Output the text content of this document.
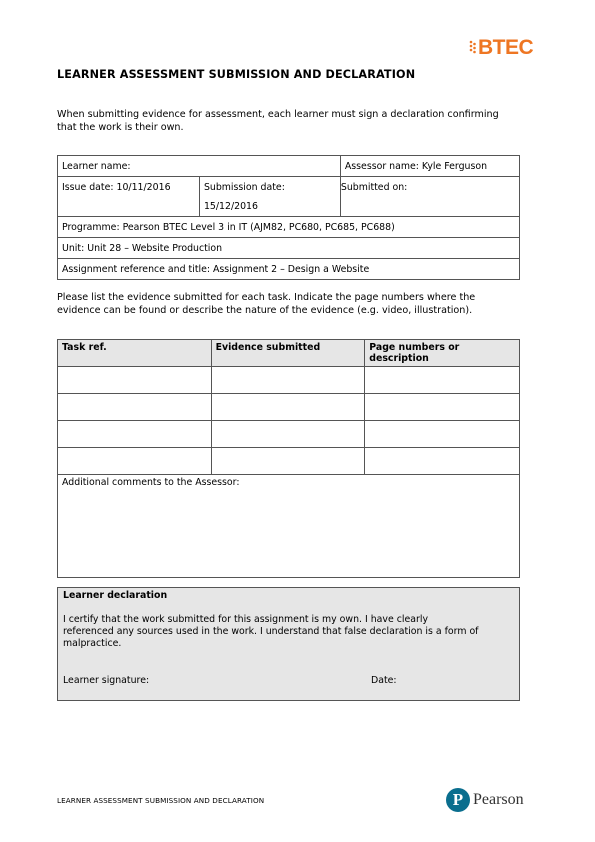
BTEC
LEARNER ASSESSMENT SUBMISSION AND DECLARATION
When submitting evidence for assessment, each learner must sign a declaration confirming
that the work is their own.
Learner name:		Assessor name: Kyle Ferguson
Issue date: 10/11/2016	Submission date: 15/12/2016	Submitted on:
Programme: Pearson BTEC Level 3 in IT (AJM82, PC680, PC685, PC688)		
Unit: Unit 28 – Website Production		
Assignment reference and title: Assignment 2 – Design a Website		
Please list the evidence submitted for each task. Indicate the page numbers where the
evidence can be found or describe the nature of the evidence (e.g. video, illustration).
Task ref.	Evidence submitted	Page numbers or
description

Additional comments to the Assessor:		
Learner declaration
I certify that the work submitted for this assignment is my own. I have clearly
referenced any sources used in the work. I understand that false declaration is a form of
malpractice.
Learner signature:	Date:
LEARNER ASSESSMENT SUBMISSION AND DECLARATION	P Pearson
